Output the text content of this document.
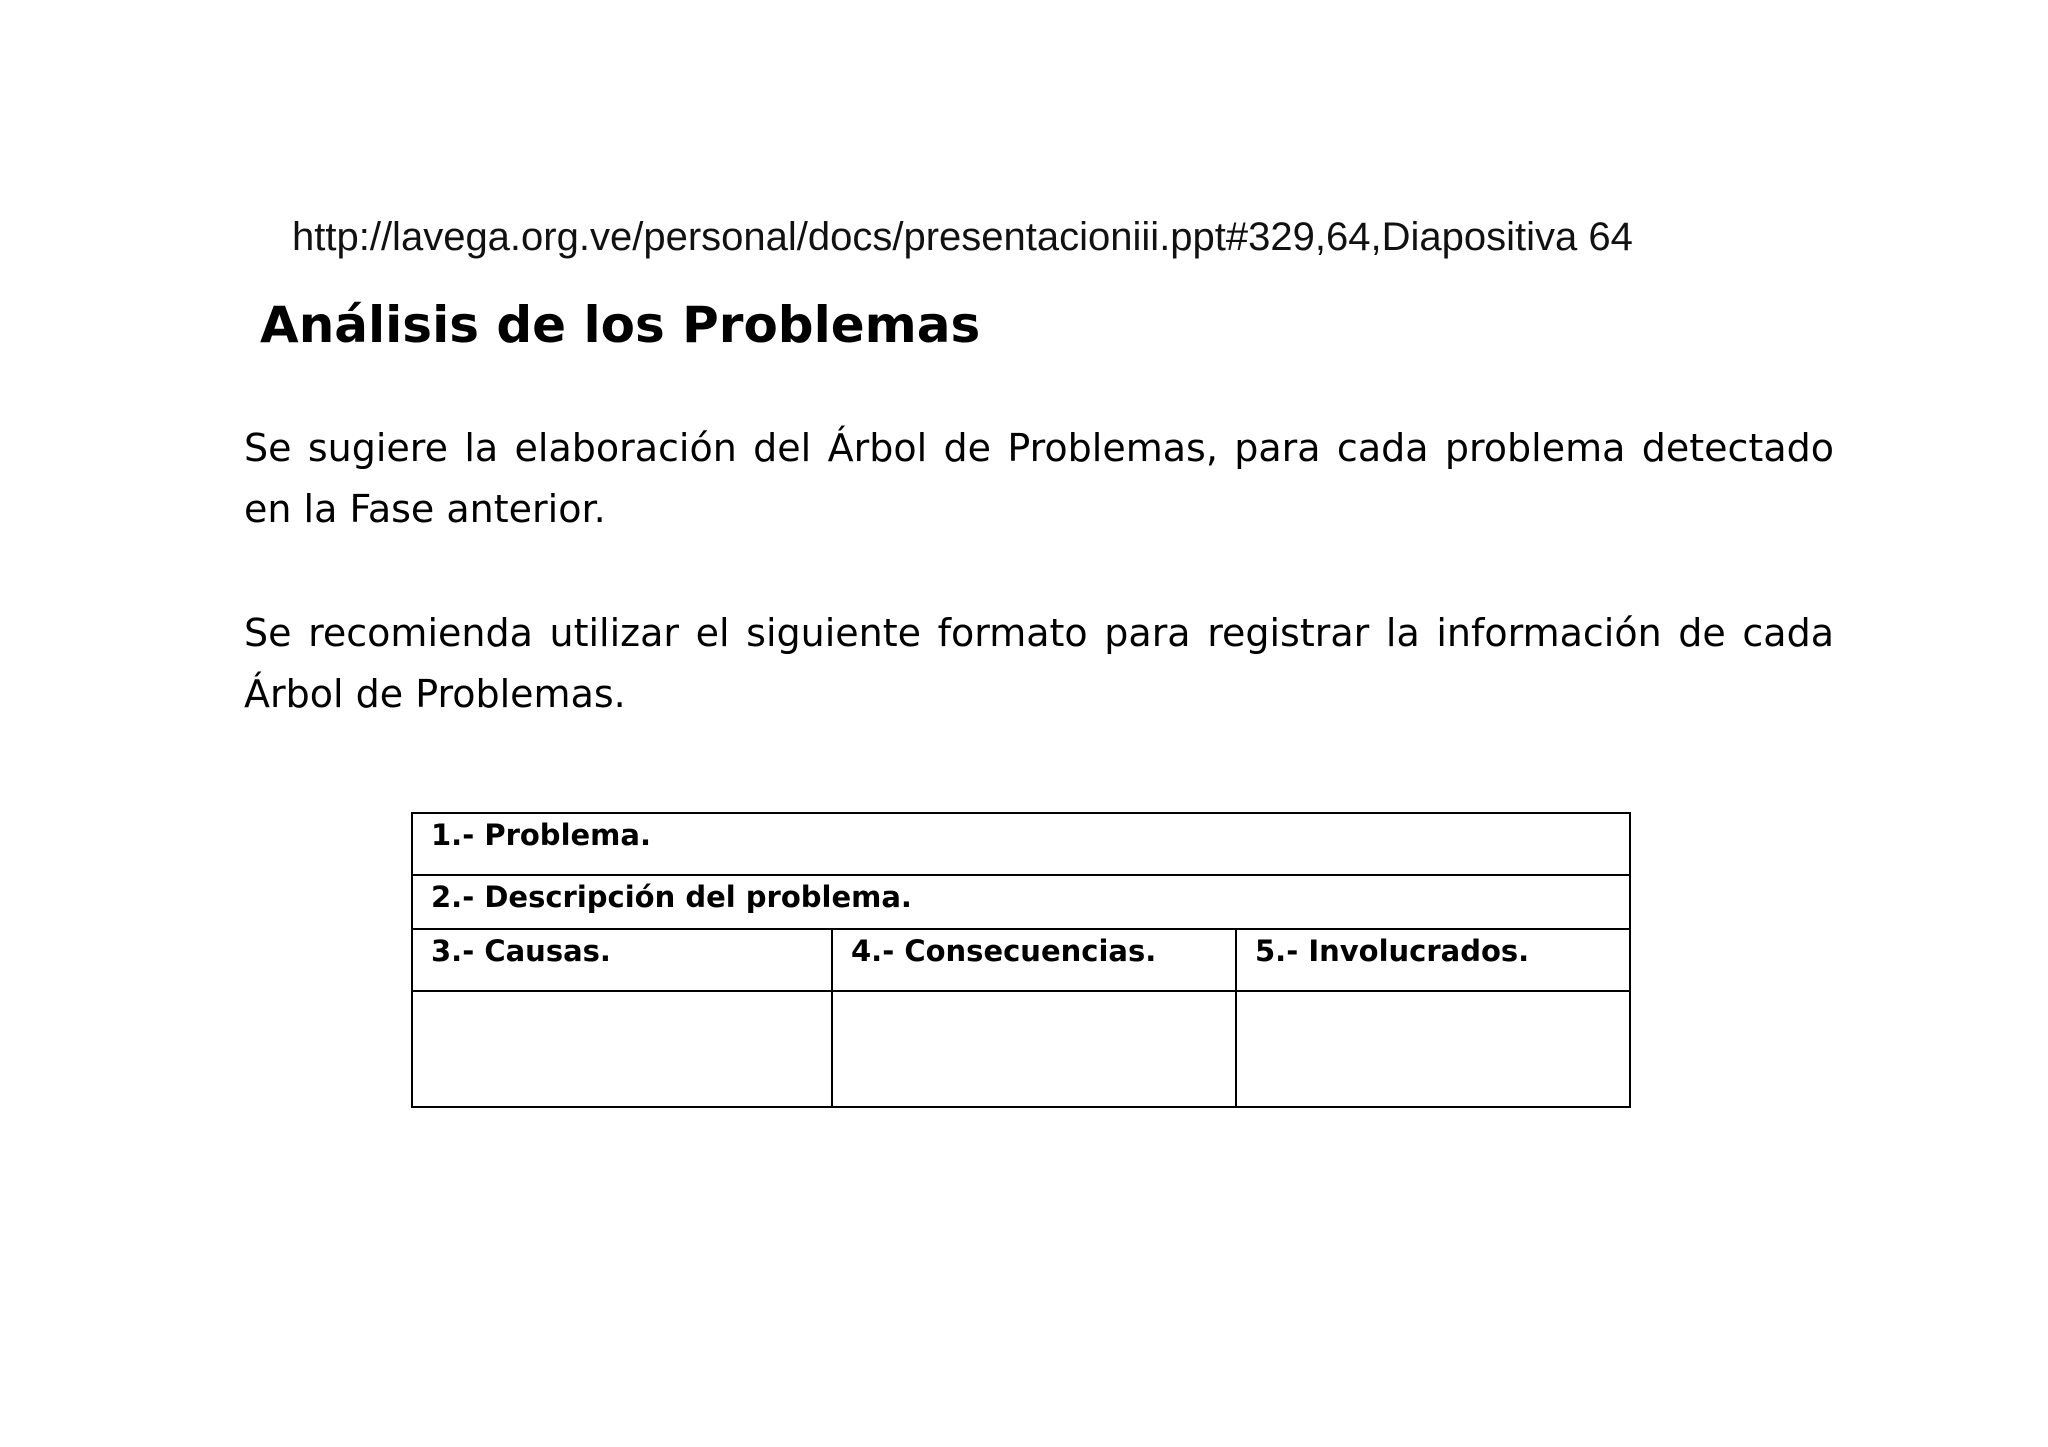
http://lavega.org.ve/personal/docs/presentacioniii.ppt#329,64,Diapositiva 64
Análisis de los Problemas

Se sugiere la elaboración del Árbol de Problemas, para cada problema detectado en la Fase anterior.

Se recomienda utilizar el siguiente formato para registrar la información de cada Árbol de Problemas.

1.- Problema.		
2.- Descripción del problema.		
3.- Causas.	4.- Consecuencias.	5.- Involucrados.
